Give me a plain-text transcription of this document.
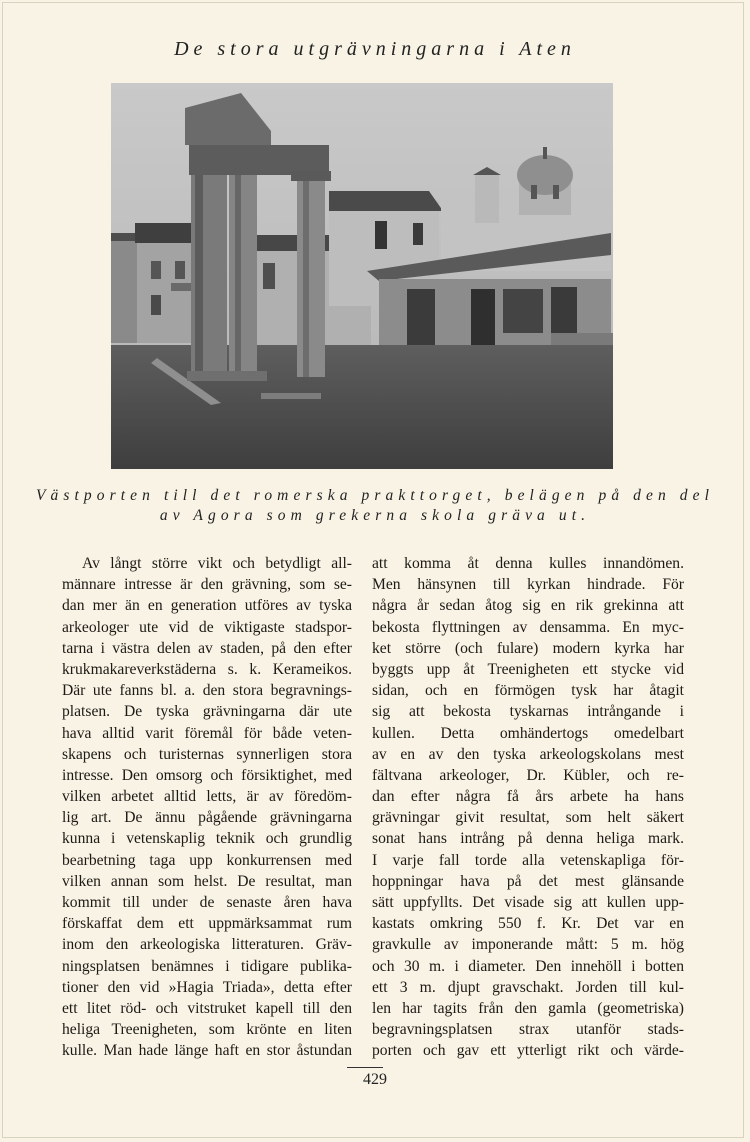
De stora utgrävningarna i Aten
Västporten till det romerska prakttorget, belägen på den del
av Agora som grekerna skola gräva ut.
Av långt större vikt och betydligt all-
männare intresse är den grävning, som se-
dan mer än en generation utföres av tyska
arkeologer ute vid de viktigaste stadspor-
tarna i västra delen av staden, på den efter
krukmakareverkstäderna s. k. Kerameikos.
Där ute fanns bl. a. den stora begravnings-
platsen. De tyska grävningarna där ute
hava alltid varit föremål för både veten-
skapens och turisternas synnerligen stora
intresse. Den omsorg och försiktighet, med
vilken arbetet alltid letts, är av föredöm-
lig art. De ännu pågående grävningarna
kunna i vetenskaplig teknik och grundlig
bearbetning taga upp konkurrensen med
vilken annan som helst. De resultat, man
kommit till under de senaste åren hava
förskaffat dem ett uppmärksammat rum
inom den arkeologiska litteraturen. Gräv-
ningsplatsen benämnes i tidigare publika-
tioner den vid »Hagia Triada», detta efter
ett litet röd- och vitstruket kapell till den
heliga Treenigheten, som krönte en liten
kulle. Man hade länge haft en stor åstundan
att komma åt denna kulles innandömen.
Men hänsynen till kyrkan hindrade. För
några år sedan åtog sig en rik grekinna att
bekosta flyttningen av densamma. En myc-
ket större (och fulare) modern kyrka har
byggts upp åt Treenigheten ett stycke vid
sidan, och en förmögen tysk har åtagit
sig att bekosta tyskarnas intrångande i
kullen. Detta omhändertogs omedelbart
av en av den tyska arkeologskolans mest
fältvana arkeologer, Dr. Kübler, och re-
dan efter några få års arbete ha hans
grävningar givit resultat, som helt säkert
sonat hans intrång på denna heliga mark.
I varje fall torde alla vetenskapliga för-
hoppningar hava på det mest glänsande
sätt uppfyllts. Det visade sig att kullen upp-
kastats omkring 550 f. Kr. Det var en
gravkulle av imponerande mått: 5 m. hög
och 30 m. i diameter. Den innehöll i botten
ett 3 m. djupt gravschakt. Jorden till kul-
len har tagits från den gamla (geometriska)
begravningsplatsen strax utanför stads-
porten och gav ett ytterligt rikt och värde-
429
